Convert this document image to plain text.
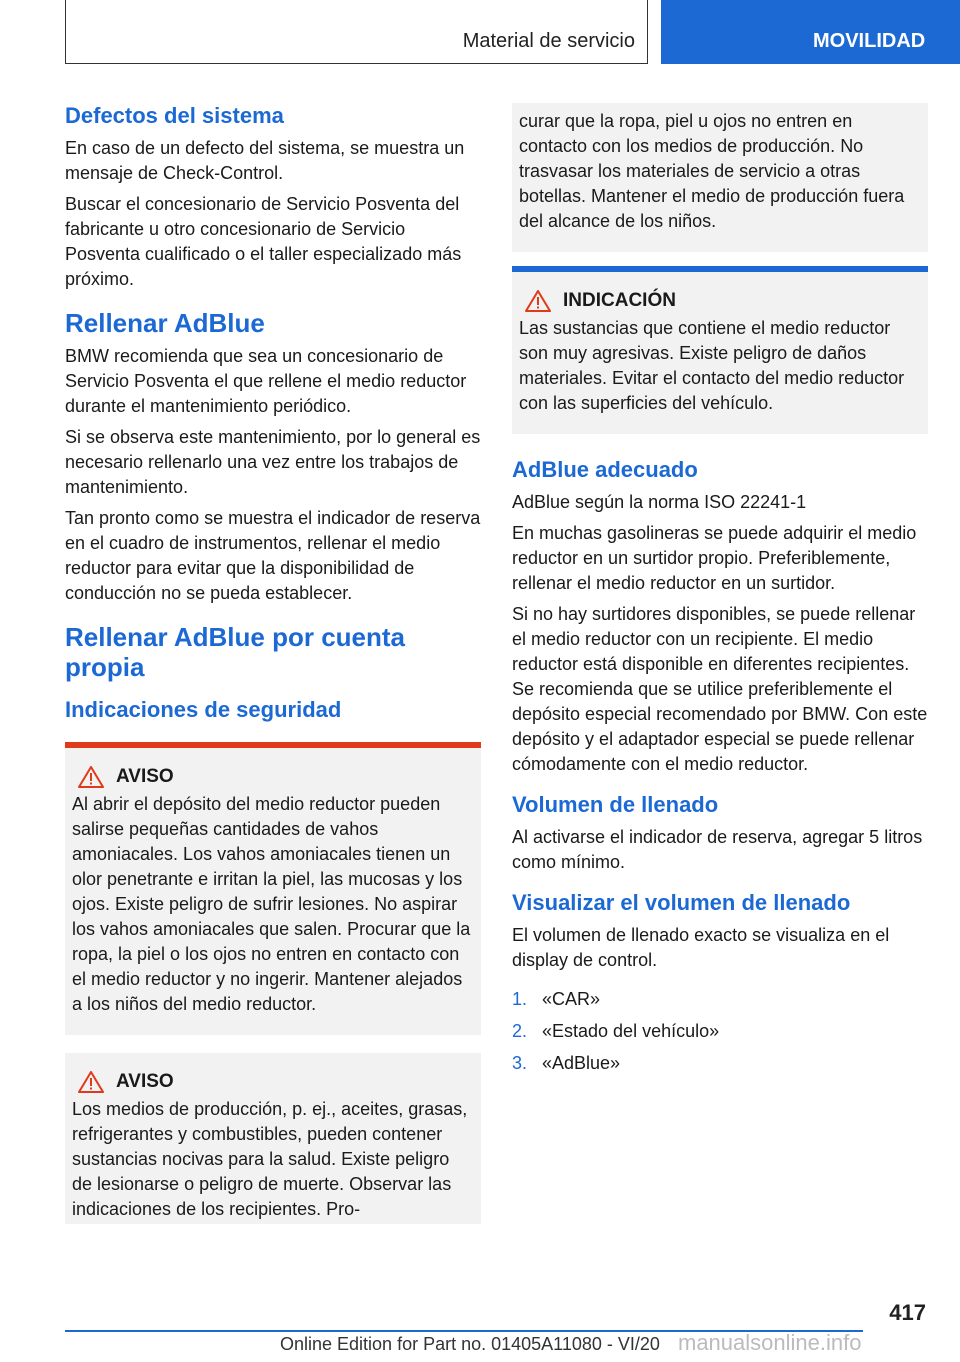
Material de servicio	MOVILIDAD
Defectos del sistema

En caso de un defecto del sistema, se muestra un mensaje de Check-Control.

Buscar el concesionario de Servicio Posventa del fabricante u otro concesionario de Servicio Posventa cualificado o el taller especializado más próximo.

Rellenar AdBlue

BMW recomienda que sea un concesionario de Servicio Posventa el que rellene el medio reductor durante el mantenimiento periódico.

Si se observa este mantenimiento, por lo general es necesario rellenarlo una vez entre los trabajos de mantenimiento.

Tan pronto como se muestra el indicador de reserva en el cuadro de instrumentos, rellenar el medio reductor para evitar que la disponibilidad de conducción no se pueda establecer.

Rellenar AdBlue por cuenta propia
Indicaciones de seguridad
AVISO

Al abrir el depósito del medio reductor pueden salirse pequeñas cantidades de vahos amoniacales. Los vahos amoniacales tienen un olor penetrante e irritan la piel, las mucosas y los ojos. Existe peligro de sufrir lesiones. No aspirar los vahos amoniacales que salen. Procurar que la ropa, la piel o los ojos no entren en contacto con el medio reductor y no ingerir. Mantener alejados a los niños del medio reductor.

AVISO

Los medios de producción, p. ej., aceites, grasas, refrigerantes y combustibles, pueden contener sustancias nocivas para la salud. Existe peligro de lesionarse o peligro de muerte. Observar las indicaciones de los recipientes. Pro-

curar que la ropa, piel u ojos no entren en contacto con los medios de producción. No trasvasar los materiales de servicio a otras botellas. Mantener el medio de producción fuera del alcance de los niños.

INDICACIÓN

Las sustancias que contiene el medio reductor son muy agresivas. Existe peligro de daños materiales. Evitar el contacto del medio reductor con las superficies del vehículo.

AdBlue adecuado

AdBlue según la norma ISO 22241-1

En muchas gasolineras se puede adquirir el medio reductor en un surtidor propio. Preferiblemente, rellenar el medio reductor en un surtidor.

Si no hay surtidores disponibles, se puede rellenar el medio reductor con un recipiente. El medio reductor está disponible en diferentes recipientes. Se recomienda que se utilice preferiblemente el depósito especial recomendado por BMW. Con este depósito y el adaptador especial se puede rellenar cómodamente con el medio reductor.

Volumen de llenado

Al activarse el indicador de reserva, agregar 5 litros como mínimo.

Visualizar el volumen de llenado

El volumen de llenado exacto se visualiza en el display de control.

1. «CAR»
2. «Estado del vehículo»
3. «AdBlue»
417
Online Edition for Part no. 01405A11080 - VI/20 manualsonline.info
